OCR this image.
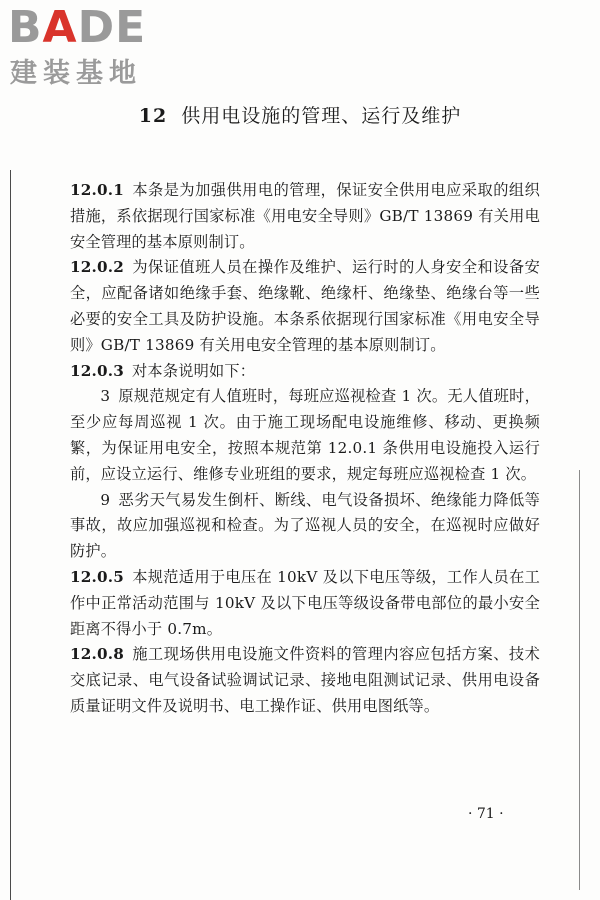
BADE
建装基地
12 供用电设施的管理、运行及维护

12.0.1 本条是为加强供用电的管理，保证安全供用电应采取的组织措施，系依据现行国家标准《用电安全导则》GB/T 13869 有关用电安全管理的基本原则制订。

12.0.2 为保证值班人员在操作及维护、运行时的人身安全和设备安全，应配备诸如绝缘手套、绝缘靴、绝缘杆、绝缘垫、绝缘台等一些必要的安全工具及防护设施。本条系依据现行国家标准《用电安全导则》GB/T 13869 有关用电安全管理的基本原则制订。

12.0.3 对本条说明如下：

3 原规范规定有人值班时，每班应巡视检查 1 次。无人值班时，至少应每周巡视 1 次。由于施工现场配电设施维修、移动、更换频繁，为保证用电安全，按照本规范第 12.0.1 条供用电设施投入运行前，应设立运行、维修专业班组的要求，规定每班应巡视检查 1 次。

9 恶劣天气易发生倒杆、断线、电气设备损坏、绝缘能力降低等事故，故应加强巡视和检查。为了巡视人员的安全，在巡视时应做好防护。

12.0.5 本规范适用于电压在 10kV 及以下电压等级，工作人员在工作中正常活动范围与 10kV 及以下电压等级设备带电部位的最小安全距离不得小于 0.7m。

12.0.8 施工现场供用电设施文件资料的管理内容应包括方案、技术交底记录、电气设备试验调试记录、接地电阻测试记录、供用电设备质量证明文件及说明书、电工操作证、供用电图纸等。

· 71 ·
